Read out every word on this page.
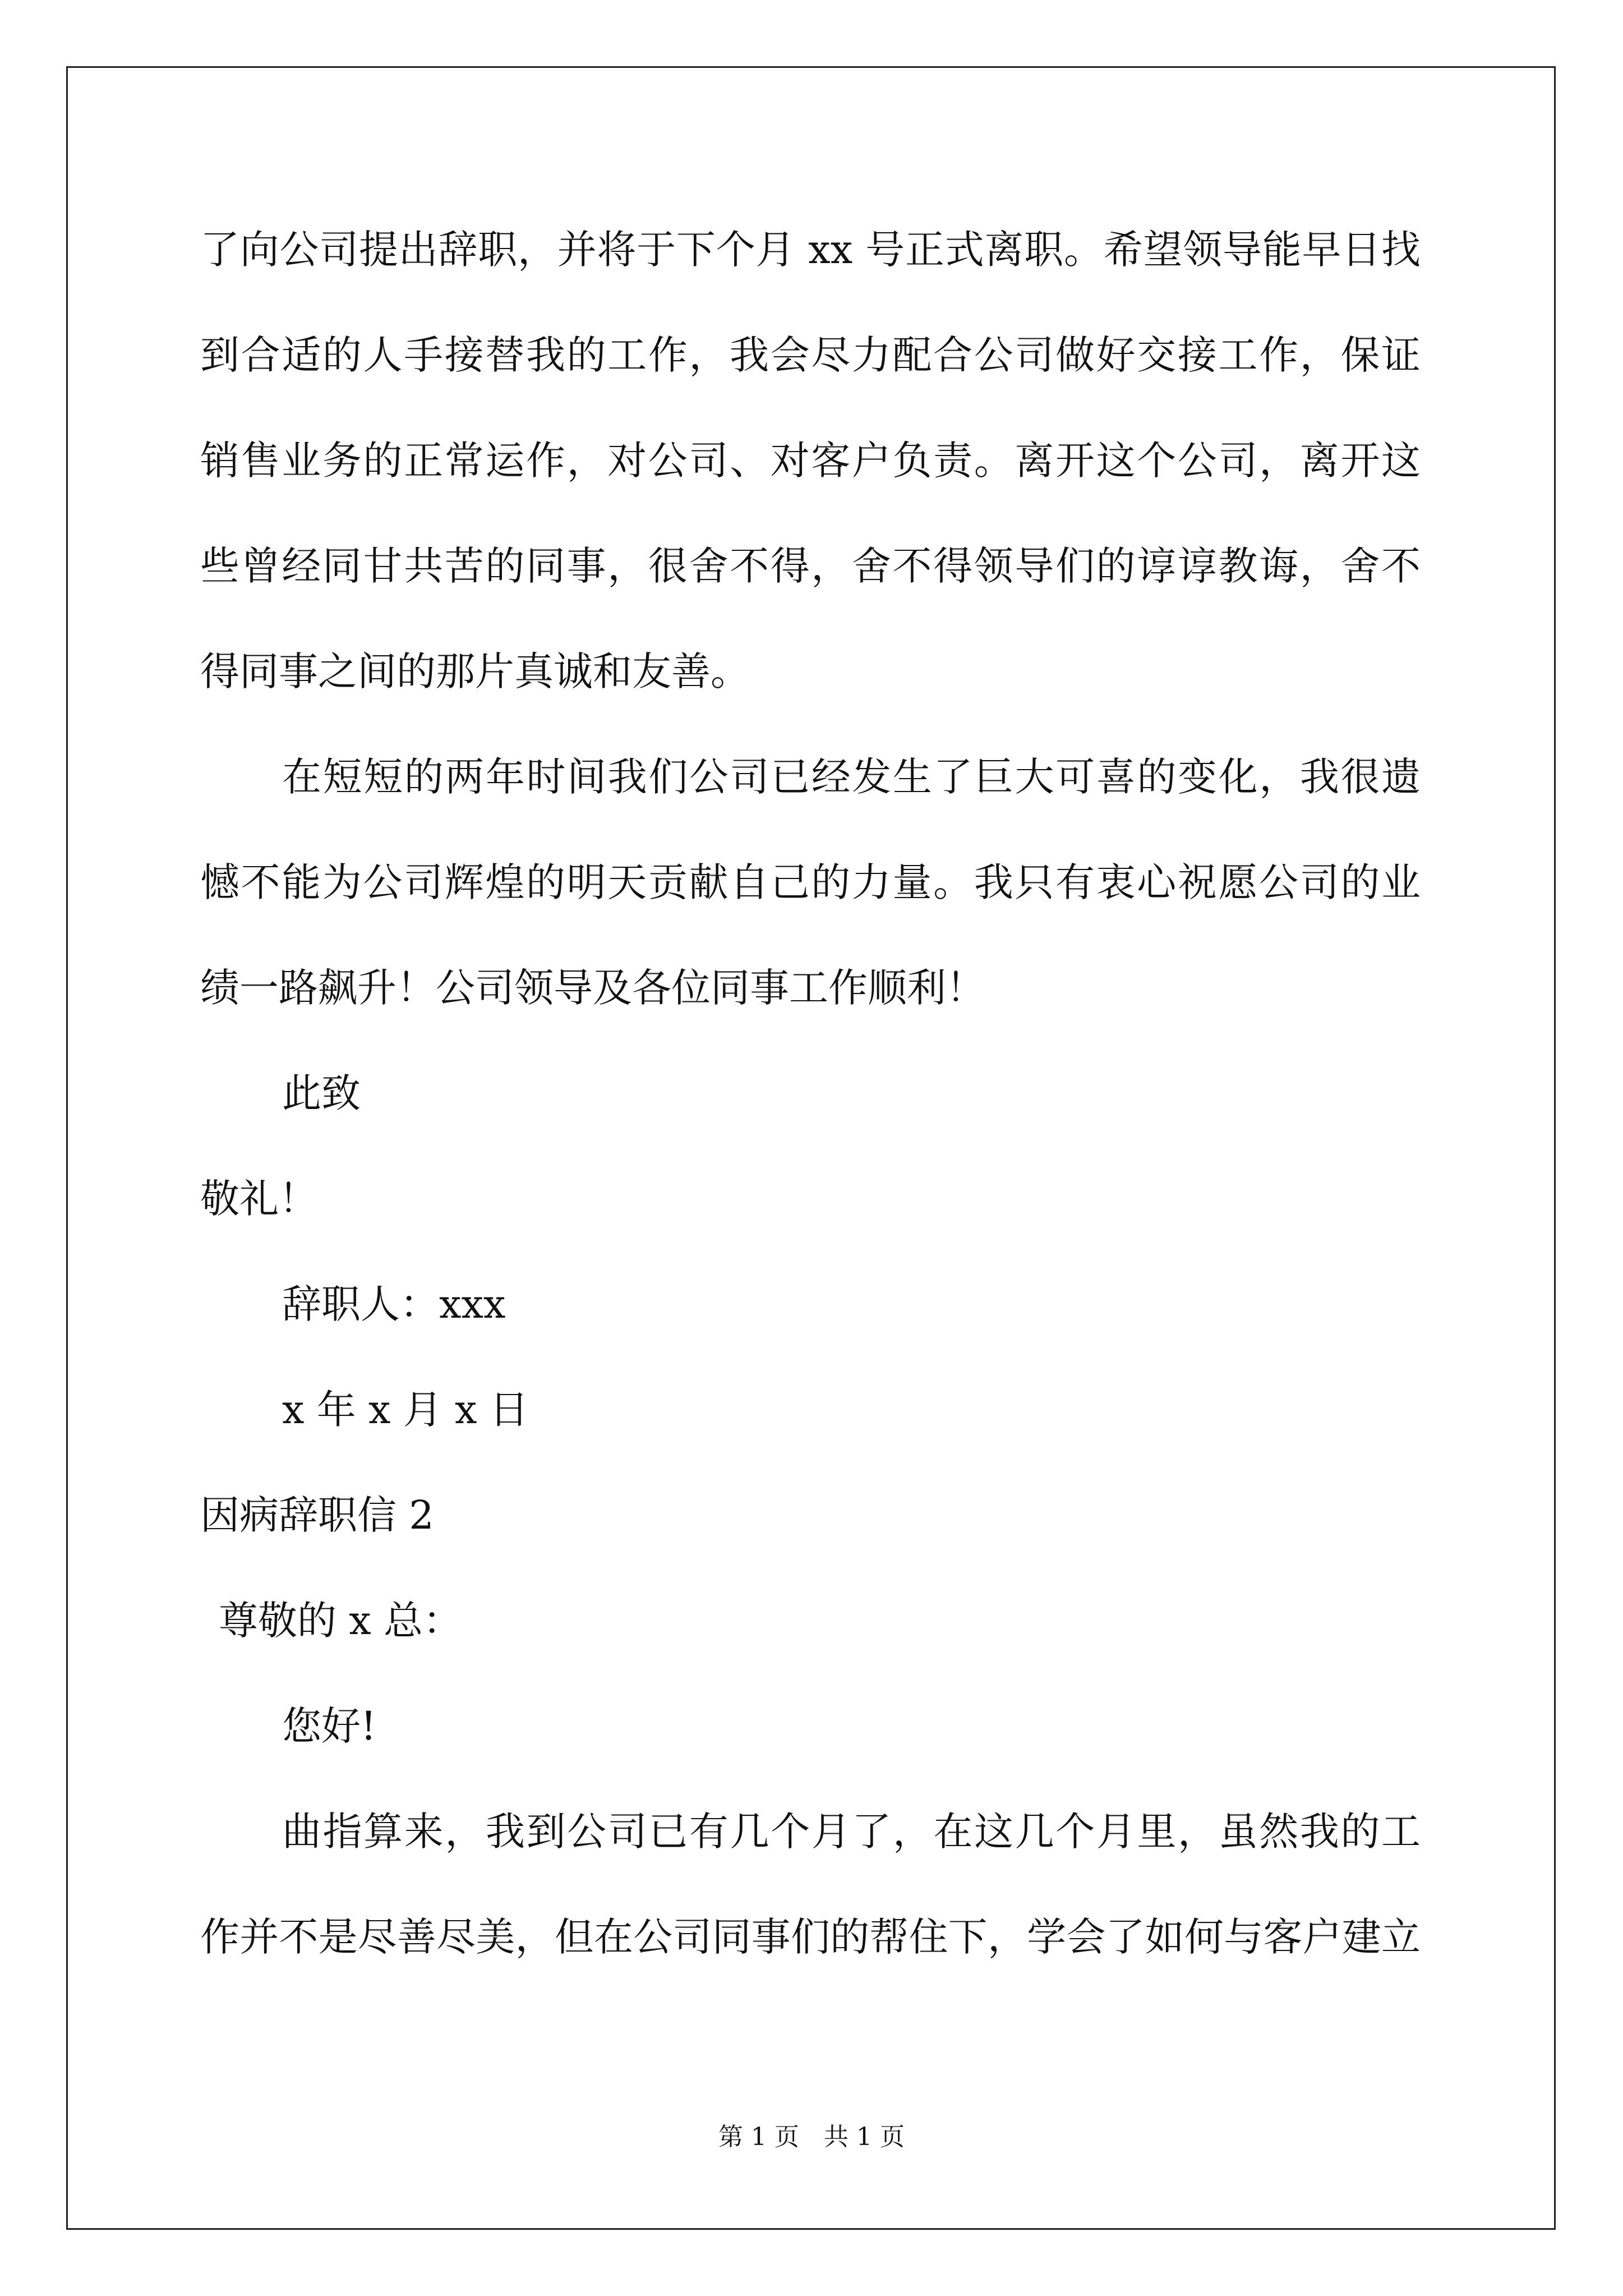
了向公司提出辞职，并将于下个月 xx 号正式离职。希望领导能早日找
到合适的人手接替我的工作，我会尽力配合公司做好交接工作，保证
销售业务的正常运作，对公司、对客户负责。离开这个公司，离开这
些曾经同甘共苦的同事，很舍不得，舍不得领导们的谆谆教诲，舍不
得同事之间的那片真诚和友善。
在短短的两年时间我们公司已经发生了巨大可喜的变化，我很遗
憾不能为公司辉煌的明天贡献自己的力量。我只有衷心祝愿公司的业
绩一路飙升！公司领导及各位同事工作顺利！
此致
敬礼！
辞职人：xxx
x 年 x 月 x 日
因病辞职信 2
尊敬的 x 总：
您好!
曲指算来，我到公司已有几个月了，在这几个月里，虽然我的工
作并不是尽善尽美，但在公司同事们的帮住下，学会了如何与客户建立
第 1 页　共 1 页
